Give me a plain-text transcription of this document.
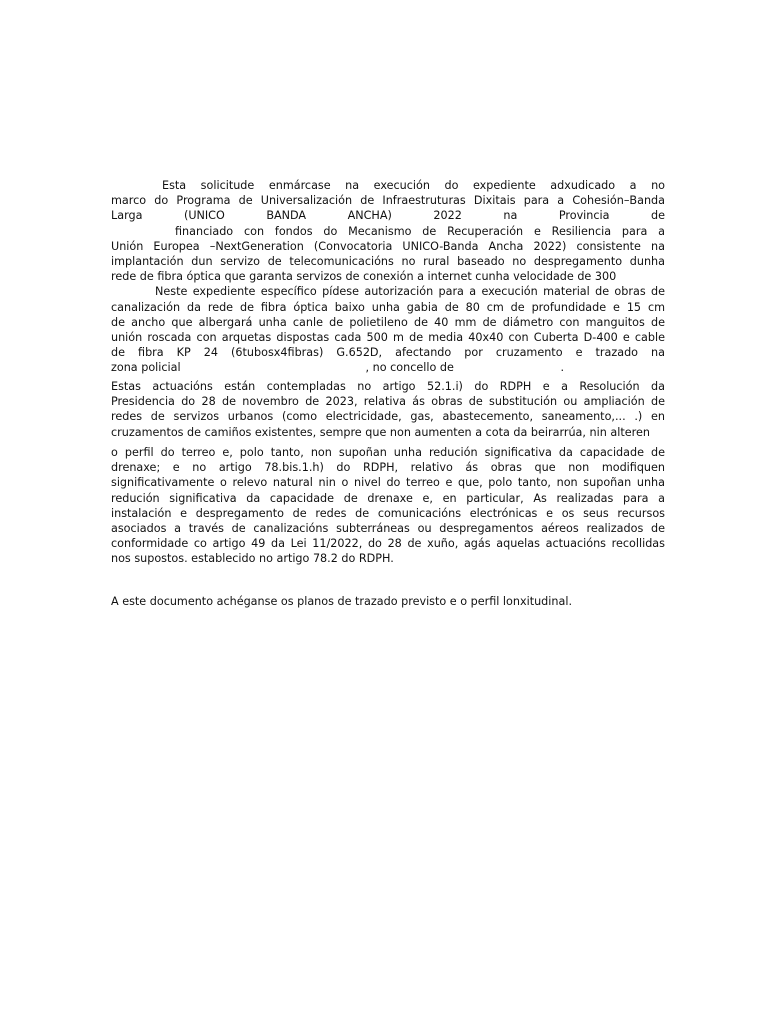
Esta solicitude enmárcase na execución do expediente adxudicado a no
marco do Programa de Universalización de Infraestruturas Dixitais para a Cohesión–Banda
Larga (UNICO BANDA ANCHA) 2022 na Provincia de
financiado con fondos do Mecanismo de Recuperación e Resiliencia para a
Unión Europea –NextGeneration (Convocatoria UNICO-Banda Ancha 2022) consistente na
implantación dun servizo de telecomunicacións no rural baseado no despregamento dunha
rede de fibra óptica que garanta servizos de conexión a internet cunha velocidade de 300
Neste expediente específico pídese autorización para a execución material de obras de
canalización da rede de fibra óptica baixo unha gabia de 80 cm de profundidade e 15 cm
de ancho que albergará unha canle de polietileno de 40 mm de diámetro con manguitos de
unión roscada con arquetas dispostas cada 500 m de media 40x40 con Cuberta D-400 e cable
de fibra KP 24 (6tubosx4fibras) G.652D, afectando por cruzamento e trazado na
zona policial                                                    , no concello de                              .
Estas actuacións están contempladas no artigo 52.1.i) do RDPH e a Resolución da
Presidencia do 28 de novembro de 2023, relativa ás obras de substitución ou ampliación de
redes de servizos urbanos (como electricidade, gas, abastecemento, saneamento,... .) en
cruzamentos de camiños existentes, sempre que non aumenten a cota da beirarrúa, nin alteren
o perfil do terreo e, polo tanto, non supoñan unha redución significativa da capacidade de
drenaxe; e no artigo 78.bis.1.h) do RDPH, relativo ás obras que non modifiquen
significativamente o relevo natural nin o nivel do terreo e que, polo tanto, non supoñan unha
redución significativa da capacidade de drenaxe e, en particular, As realizadas para a
instalación e despregamento de redes de comunicacións electrónicas e os seus recursos
asociados a través de canalizacións subterráneas ou despregamentos aéreos realizados de
conformidade co artigo 49 da Lei 11/2022, do 28 de xuño, agás aquelas actuacións recollidas
nos supostos. establecido no artigo 78.2 do RDPH.
A este documento achéganse os planos de trazado previsto e o perfil lonxitudinal.
